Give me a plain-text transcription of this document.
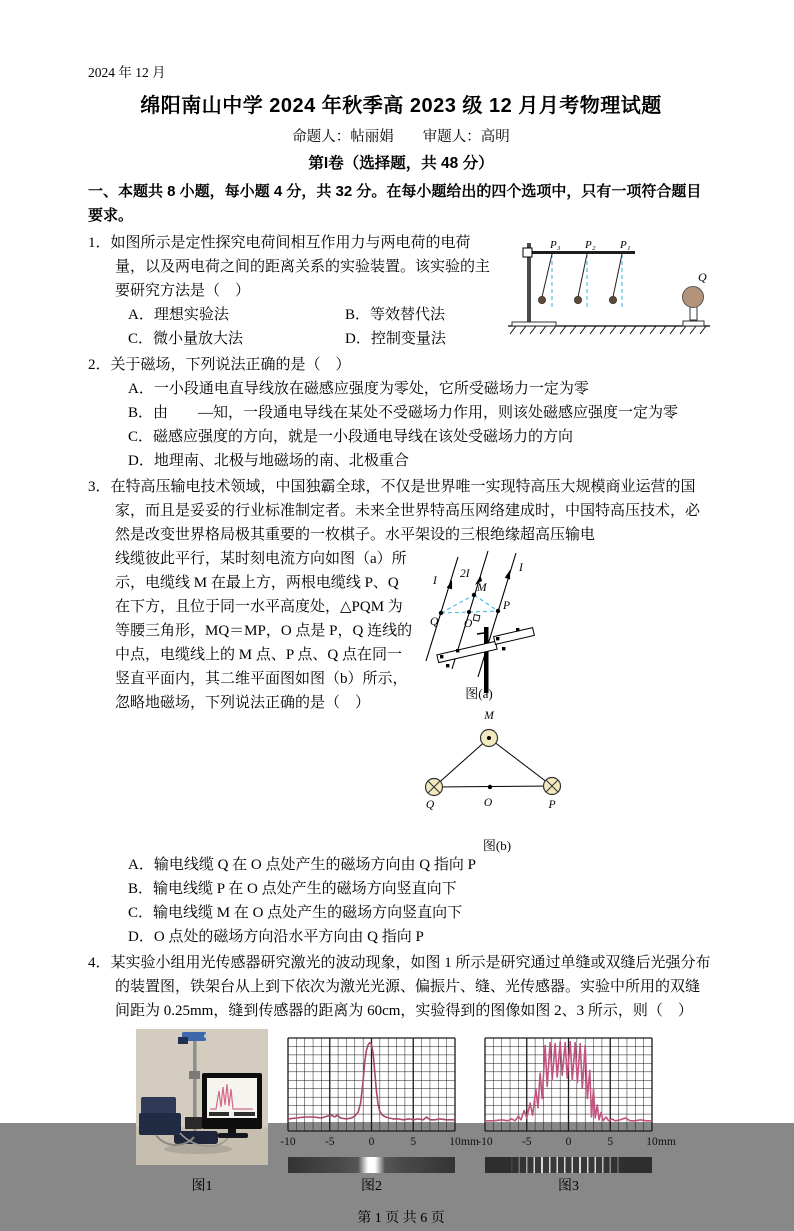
2024 年 12 月
绵阳南山中学 2024 年秋季高 2023 级 12 月月考物理试题
命题人：帖丽娟　　审题人：高明
第I卷（选择题，共 48 分）
一、本题共 8 小题，每小题 4 分，共 32 分。在每小题给出的四个选项中，只有一项符合题目要求。
P₃ P₂ P₁
Q

1．如图所示是定性探究电荷间相互作用力与两电荷的电荷量，以及两电荷之间的距离关系的实验装置。该实验的主要研究方法是（　）

A．理想实验法	B．等效替代法
C．微小量放大法	D．控制变量法

2．关于磁场，下列说法正确的是（　）

A．一小段通电直导线放在磁感应强度为零处，它所受磁场力一定为零
B．由　　—知，一段通电导线在某处不受磁场力作用，则该处磁感应强度一定为零
C．磁感应强度的方向，就是一小段通电导线在该处受磁场力的方向
D．地理南、北极与地磁场的南、北极重合

3．在特高压输电技术领域，中国独霸全球，不仅是世界唯一实现特高压大规模商业运营的国家，而且是妥妥的行业标准制定者。未来全世界特高压网络建成时，中国特高压技术，必然是改变世界格局极其重要的一枚棋子。水平架设的三根绝缘超高压输电

I
2I	I
M
P
Q O
图(a)

M
Q	O	P
图(b)
线缆彼此平行，某时刻电流方向如图（a）所示，电缆线 M 在最上方，两根电缆线 P、Q 在下方，且位于同一水平高度处，△PQM 为等腰三角形，MQ＝MP，O 点是 P，Q 连线的中点，电缆线上的 M 点、P 点、Q 点在同一竖直平面内，其二维平面图如图（b）所示，忽略地磁场，下列说法正确的是（　）
A．输电线缆 Q 在 O 点处产生的磁场方向由 Q 指向 P
B．输电线缆 P 在 O 点处产生的磁场方向竖直向下
C．输电线缆 M 在 O 点处产生的磁场方向竖直向下
D．O 点处的磁场方向沿水平方向由 Q 指向 P

4．某实验小组用光传感器研究激光的波动现象，如图 1 所示是研究通过单缝或双缝后光强分布的装置图，铁架台从上到下依次为激光光源、偏振片、缝、光传感器。实验中所用的双缝间距为 0.25mm，缝到传感器的距离为 60cm，实验得到的图像如图 2、3 所示，则（　）

图1
-10	-5	0	5	10 mm
图2
-10	-5	0	5	10 mm
图3
第 1 页 共 6 页
